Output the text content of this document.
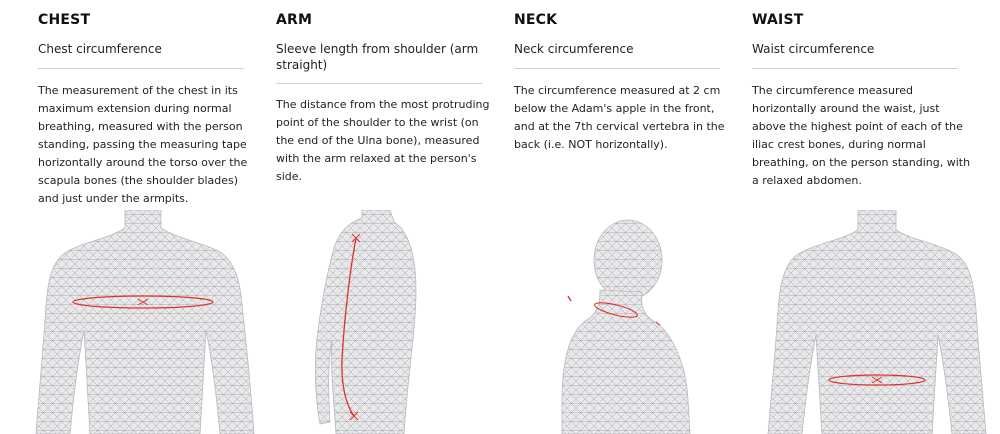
CHEST
Chest circumference
The measurement of the chest in its maximum extension during normal breathing, measured with the person standing, passing the measuring tape horizontally around the torso over the scapula bones (the shoulder blades) and just under the armpits.
ARM
Sleeve length from shoulder (arm straight)
The distance from the most protruding point of the shoulder to the wrist (on the end of the Ulna bone), measured with the arm relaxed at the person's side.
NECK
Neck circumference
The circumference measured at 2 cm below the Adam's apple in the front, and at the 7th cervical vertebra in the back (i.e. NOT horizontally).
WAIST
Waist circumference
The circumference measured horizontally around the waist, just above the highest point of each of the iliac crest bones, during normal breathing, on the person standing, with a relaxed abdomen.
